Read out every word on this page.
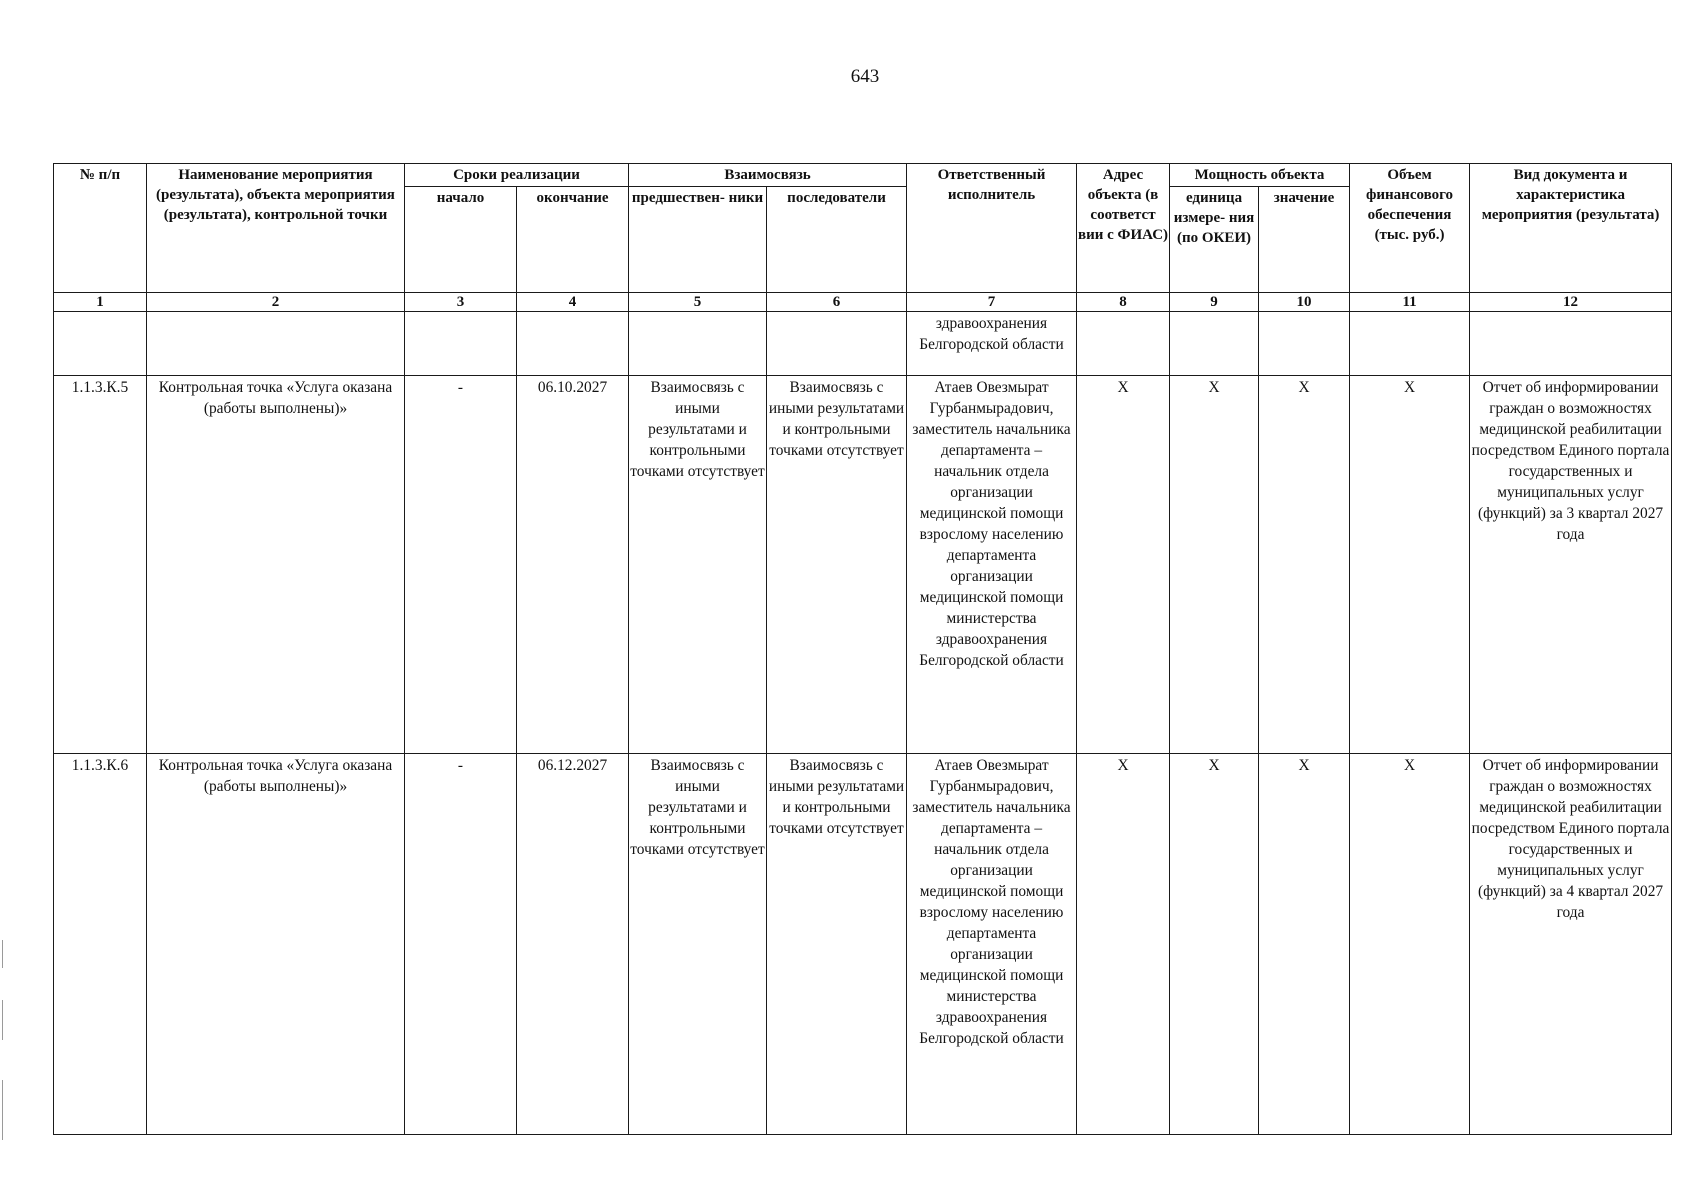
643
№ п/п	Наименование мероприятия (результата), объекта мероприятия (результата), контрольной точки	Сроки реализации		Взаимосвязь		Ответственный исполнитель	Адрес объекта (в соответст вии с ФИАС)	Мощность объекта		Объем финансового обеспечения (тыс. руб.)	Вид документа и характеристика мероприятия (результата)
		начало	окончание	предшествен- ники	последователи			единица измере- ния (по ОКЕИ)	значение		
1	2	3	4	5	6	7	8	9	10	11	12
						здравоохранения Белгородской области					
1.1.3.К.5	Контрольная точка «Услуга оказана (работы выполнены)»	-	06.10.2027	Взаимосвязь с иными результатами и контрольными точками отсутствует	Взаимосвязь с иными результатами и контрольными точками отсутствует	Атаев Овезмырат Гурбанмырадович, заместитель начальника департамента – начальник отдела организации медицинской помощи взрослому населению департамента организации медицинской помощи министерства здравоохранения Белгородской области	X	X	X	X	Отчет об информировании граждан о возможностях медицинской реабилитации посредством Единого портала государственных и муниципальных услуг (функций) за 3 квартал 2027 года
1.1.3.К.6	Контрольная точка «Услуга оказана (работы выполнены)»	-	06.12.2027	Взаимосвязь с иными результатами и контрольными точками отсутствует	Взаимосвязь с иными результатами и контрольными точками отсутствует	Атаев Овезмырат Гурбанмырадович, заместитель начальника департамента – начальник отдела организации медицинской помощи взрослому населению департамента организации медицинской помощи министерства здравоохранения Белгородской области	X	X	X	X	Отчет об информировании граждан о возможностях медицинской реабилитации посредством Единого портала государственных и муниципальных услуг (функций) за 4 квартал 2027 года
